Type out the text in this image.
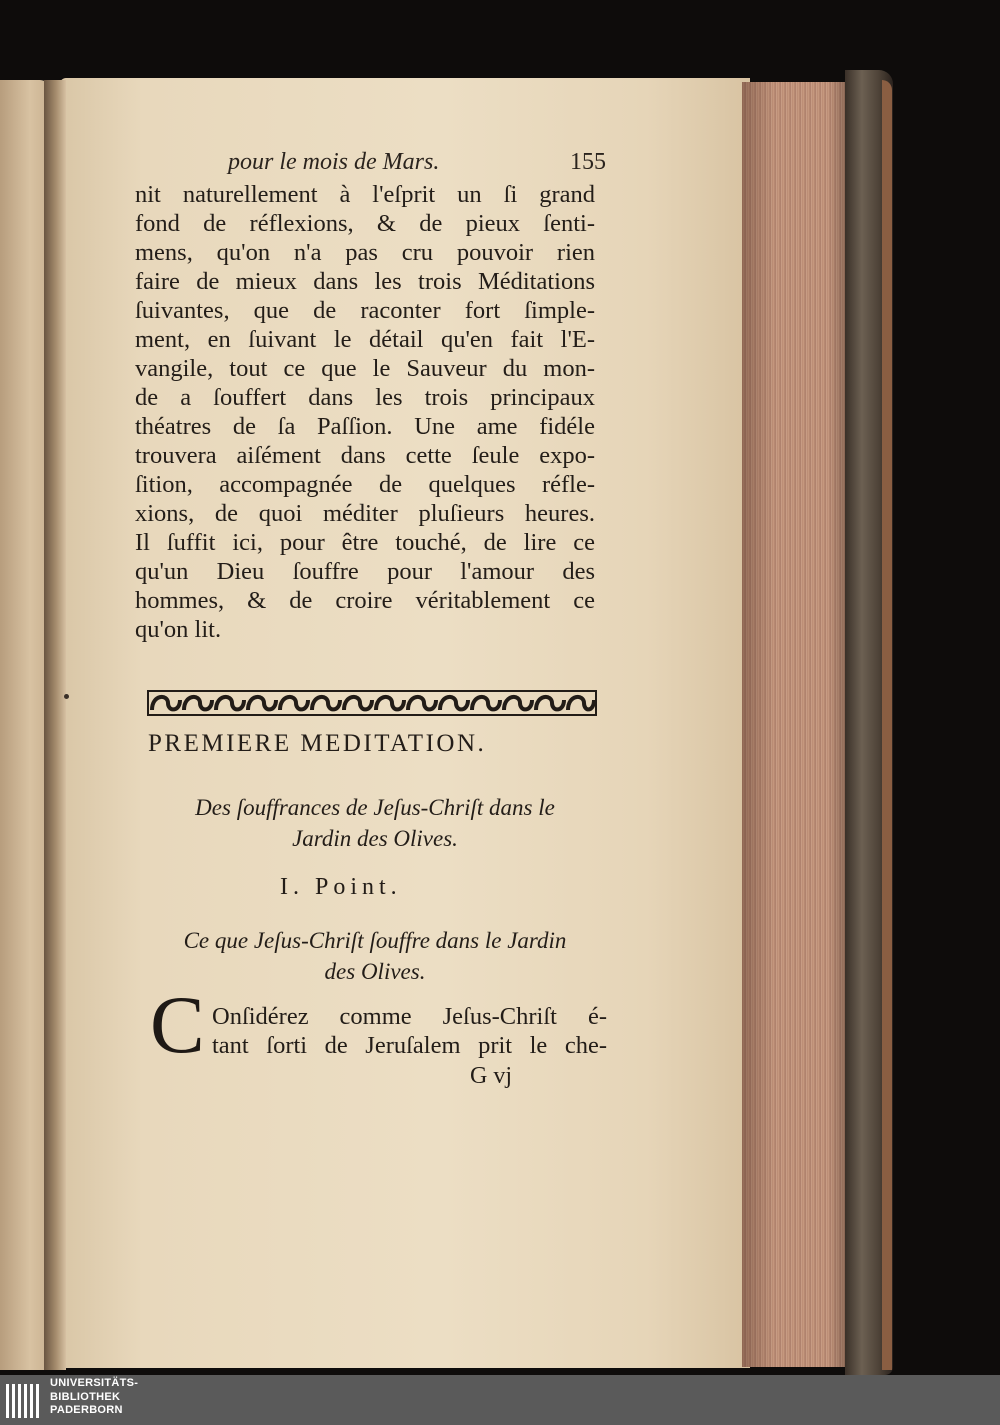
pour le mois de Mars.	155
nit naturellement à l'eſprit un ſi grand
fond de réflexions, & de pieux ſenti-
mens, qu'on n'a pas cru pouvoir rien
faire de mieux dans les trois Méditations
ſuivantes, que de raconter fort ſimple-
ment, en ſuivant le détail qu'en fait l'E-
vangile, tout ce que le Sauveur du mon-
de a ſouffert dans les trois principaux
théatres de ſa Paſſion. Une ame fidéle
trouvera aiſément dans cette ſeule expo-
ſition, accompagnée de quelques réfle-
xions, de quoi méditer pluſieurs heures.
Il ſuffit ici, pour être touché, de lire ce
qu'un Dieu ſouffre pour l'amour des
hommes, & de croire véritablement ce
qu'on lit.
PREMIERE MEDITATION.
Des ſouffrances de Jeſus-Chriſt dans le
Jardin des Olives.
I. Point.
Ce que Jeſus-Chriſt ſouffre dans le Jardin
des Olives.
C Onſidérez comme Jeſus-Chriſt é-
tant ſorti de Jeruſalem prit le che-
G vj
UNIVERSITÄTS-
BIBLIOTHEK
PADERBORN
